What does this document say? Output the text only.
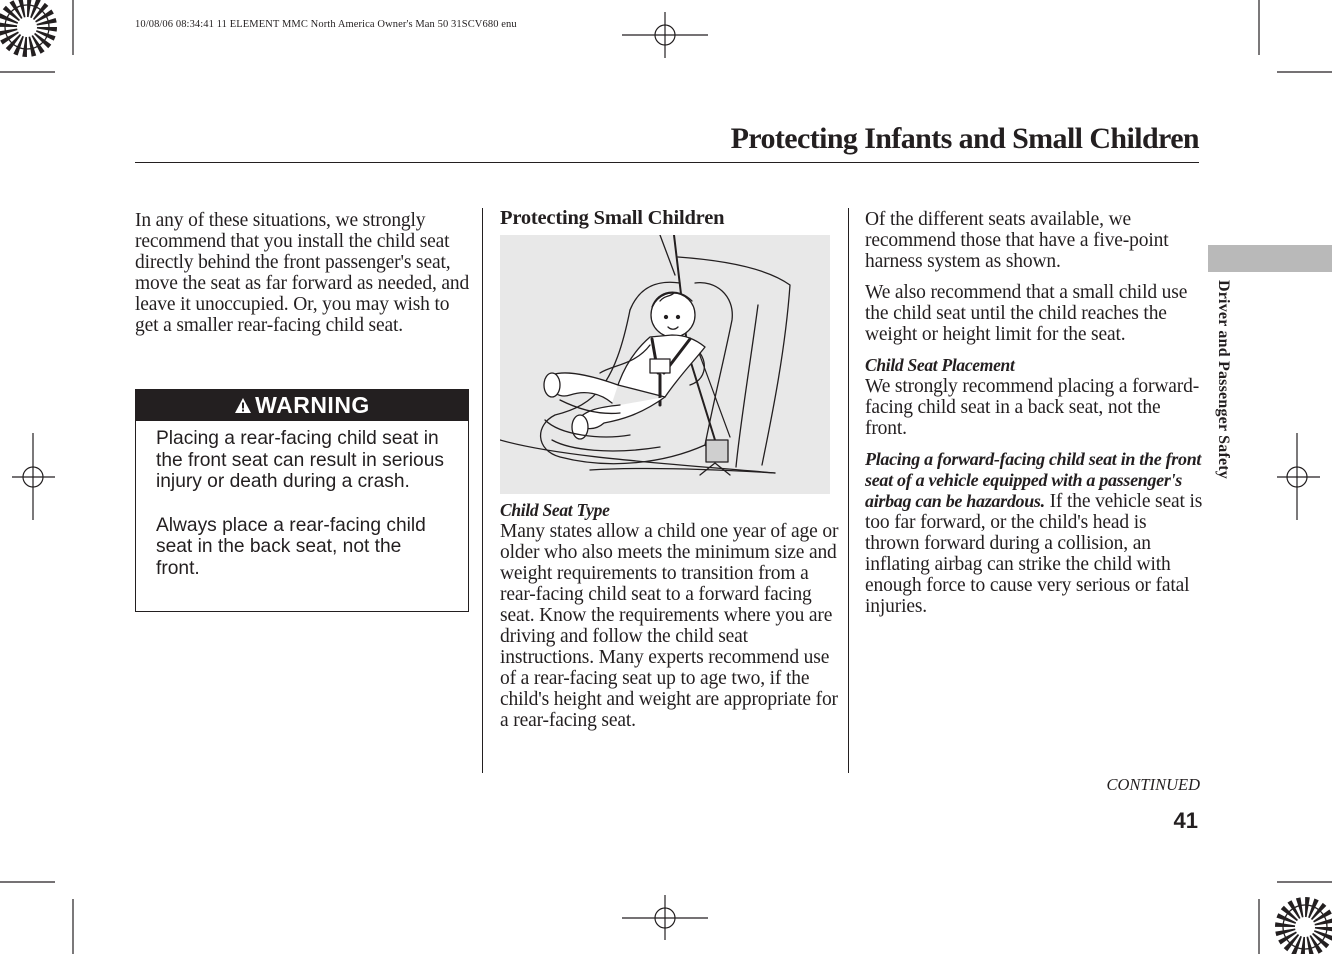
10/08/06 08:34:41 11 ELEMENT MMC North America Owner's Man 50 31SCV680 enu
Protecting Infants and Small Children

In any of these situations, we strongly recommend that you install the child seat directly behind the front passenger's seat, move the seat as far forward as needed, and leave it unoccupied. Or, you may wish to get a smaller rear-facing child seat.

WARNING

Placing a rear-facing child seat in the front seat can result in serious injury or death during a crash.

Always place a rear-facing child seat in the back seat, not the front.

Protecting Small Children

Child Seat Type

Many states allow a child one year of age or older who also meets the minimum size and weight requirements to transition from a rear-facing child seat to a forward facing seat. Know the requirements where you are driving and follow the child seat instructions. Many experts recommend use of a rear-facing seat up to age two, if the child's height and weight are appropriate for a rear-facing seat.

Of the different seats available, we recommend those that have a five-point harness system as shown.

We also recommend that a small child use the child seat until the child reaches the weight or height limit for the seat.

Child Seat Placement

We strongly recommend placing a forward-facing child seat in a back seat, not the front.

Placing a forward-facing child seat in the front seat of a vehicle equipped with a passenger's airbag can be hazardous. If the vehicle seat is too far forward, or the child's head is thrown forward during a collision, an inflating airbag can strike the child with enough force to cause very serious or fatal injuries.

Driver and Passenger Safety
CONTINUED
41
